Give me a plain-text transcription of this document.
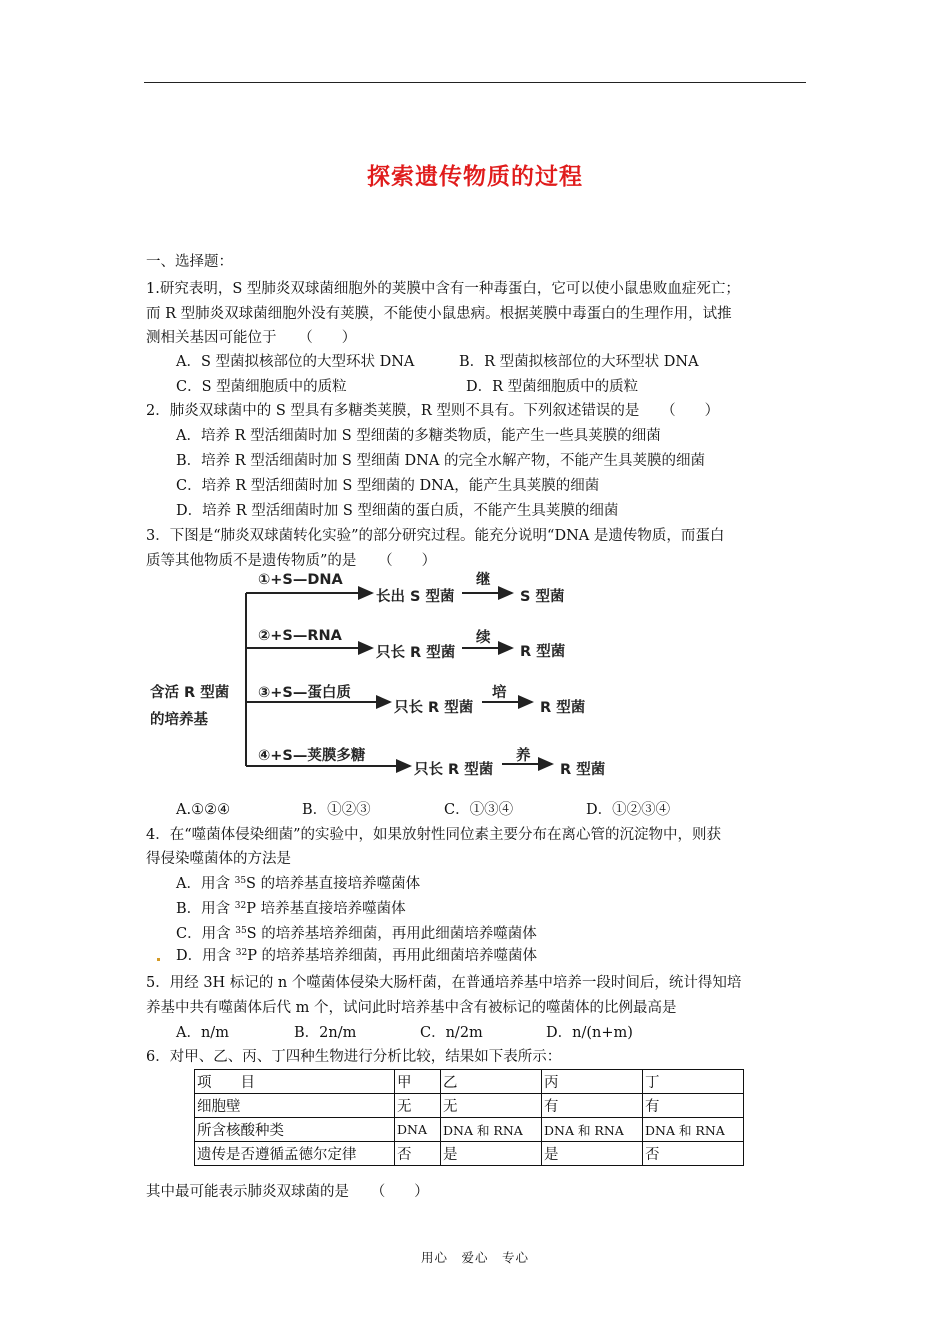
探索遗传物质的过程
一、选择题：
1.研究表明，S 型肺炎双球菌细胞外的荚膜中含有一种毒蛋白，它可以使小鼠患败血症死亡；
而 R 型肺炎双球菌细胞外没有荚膜，不能使小鼠患病。根据荚膜中毒蛋白的生理作用，试推
测相关基因可能位于　　（　　）
A．S 型菌拟核部位的大型环状 DNA	B．R 型菌拟核部位的大环型状 DNA
C．S 型菌细胞质中的质粒	D．R 型菌细胞质中的质粒
2．肺炎双球菌中的 S 型具有多糖类荚膜，R 型则不具有。下列叙述错误的是　　（　　）
A．培养 R 型活细菌时加 S 型细菌的多糖类物质，能产生一些具荚膜的细菌
B．培养 R 型活细菌时加 S 型细菌 DNA 的完全水解产物，不能产生具荚膜的细菌
C．培养 R 型活细菌时加 S 型细菌的 DNA，能产生具荚膜的细菌
D．培养 R 型活细菌时加 S 型细菌的蛋白质，不能产生具荚膜的细菌
3．下图是“肺炎双球菌转化实验”的部分研究过程。能充分说明“DNA 是遗传物质，而蛋白
质等其他物质不是遗传物质”的是　　（　　）
含活 R 型菌
的培养基
①+S—DNA
②+S—RNA
③+S—蛋白质
④+S—荚膜多糖
长出 S 型菌
只长 R 型菌
只长 R 型菌
只长 R 型菌
继
续
培
养
S 型菌
R 型菌
R 型菌
R 型菌
A.①②④	B．①②③	C．①③④	D．①②③④
4．在“噬菌体侵染细菌”的实验中，如果放射性同位素主要分布在离心管的沉淀物中，则获
得侵染噬菌体的方法是
A．用含 $^{35}$S 的培养基直接培养噬菌体
B．用含 $^{32}$P 培养基直接培养噬菌体
C．用含 $^{35}$S 的培养基培养细菌，再用此细菌培养噬菌体
D．用含 $^{32}$P 的培养基培养细菌，再用此细菌培养噬菌体
5．用经 3H 标记的 n 个噬菌体侵染大肠杆菌，在普通培养基中培养一段时间后，统计得知培
养基中共有噬菌体后代 m 个，试问此时培养基中含有被标记的噬菌体的比例最高是
A．n/m	B．2n/m	C．n/2m	D．n/(n+m)
6．对甲、乙、丙、丁四种生物进行分析比较，结果如下表所示：
项　　目	甲	乙	丙	丁
细胞壁	无	无	有	有
所含核酸种类	DNA	DNA 和 RNA	DNA 和 RNA	DNA 和 RNA
遗传是否遵循孟德尔定律	否	是	是	否
其中最可能表示肺炎双球菌的是　　（　　）
用心　爱心　专心
